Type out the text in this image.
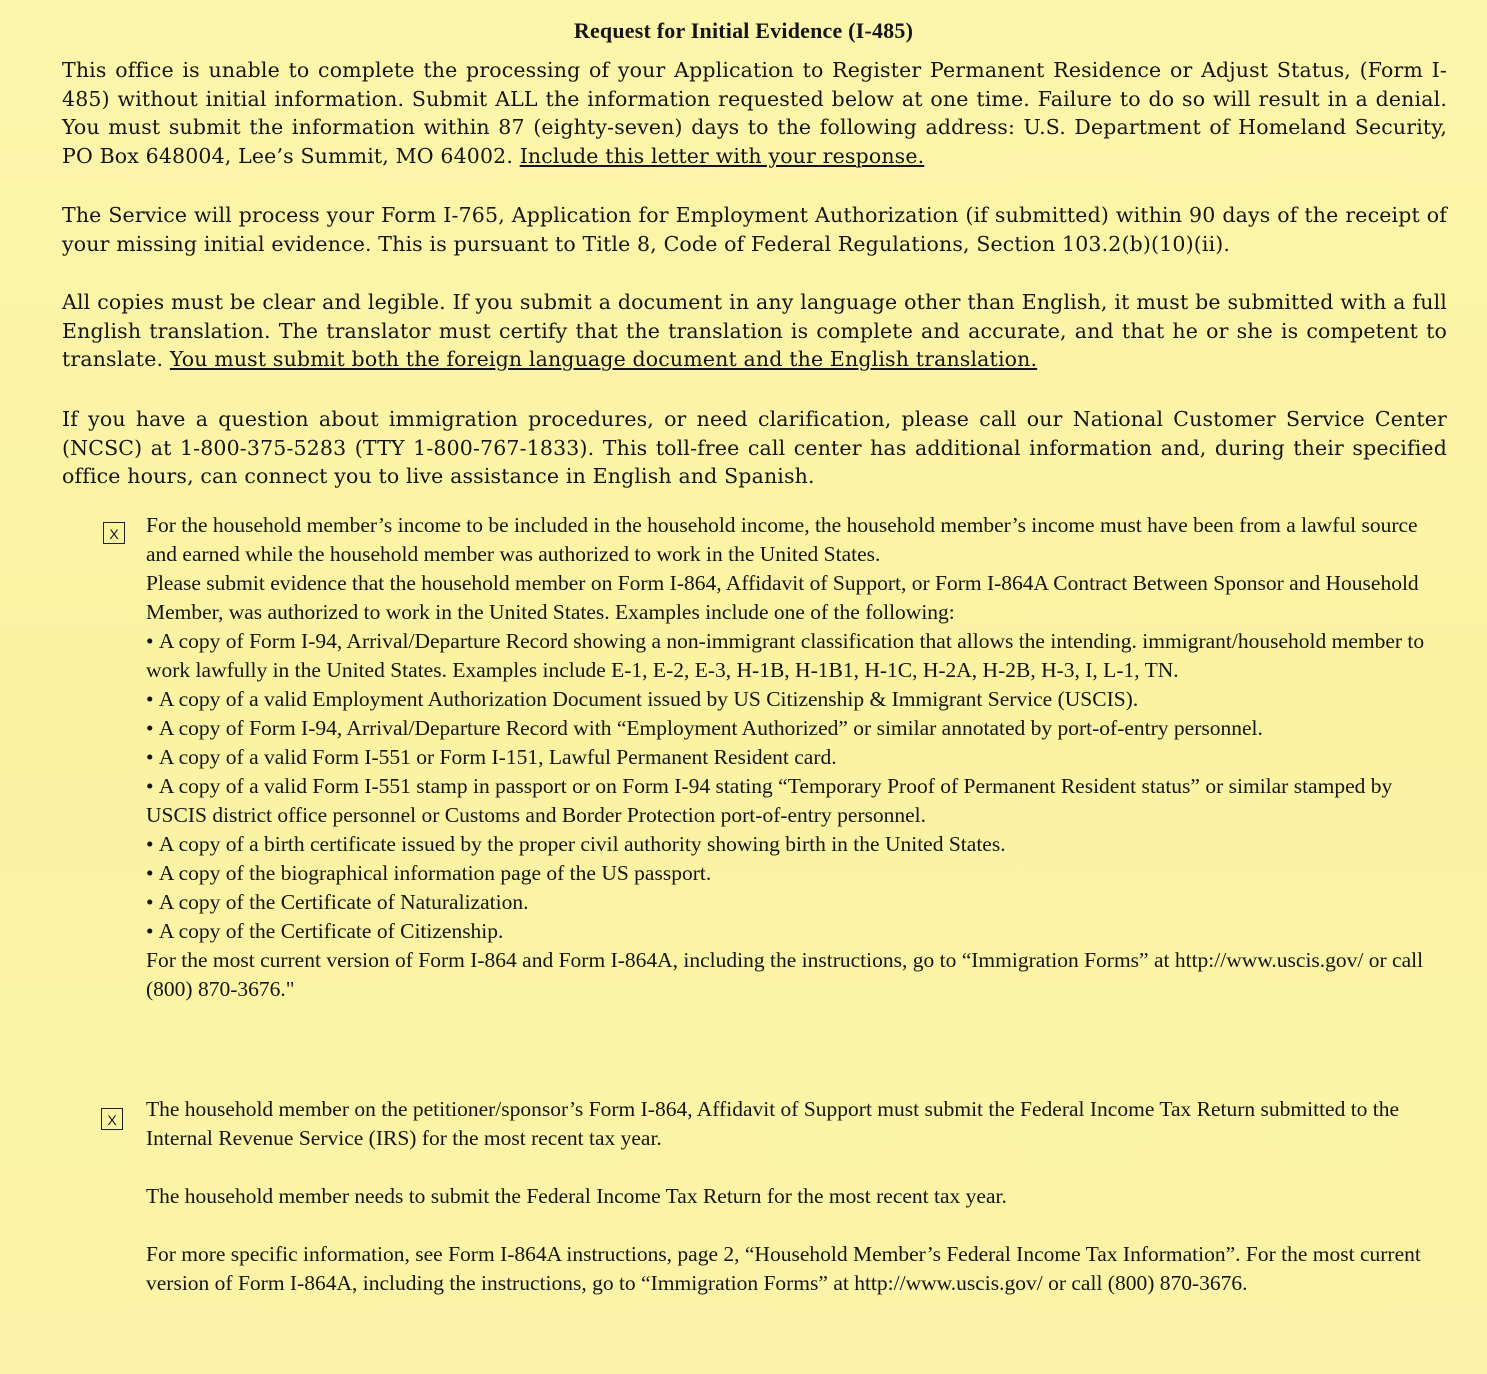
Request for Initial Evidence (I-485)
This office is unable to complete the processing of your Application to Register Permanent Residence or Adjust Status, (Form I-485) without initial information. Submit ALL the information requested below at one time. Failure to do so will result in a denial. You must submit the information within 87 (eighty-seven) days to the following address: U.S. Department of Homeland Security, PO Box 648004, Lee’s Summit, MO 64002. Include this letter with your response.
The Service will process your Form I-765, Application for Employment Authorization (if submitted) within 90 days of the receipt of your missing initial evidence. This is pursuant to Title 8, Code of Federal Regulations, Section 103.2(b)(10)(ii).
All copies must be clear and legible. If you submit a document in any language other than English, it must be submitted with a full English translation. The translator must certify that the translation is complete and accurate, and that he or she is competent to translate. You must submit both the foreign language document and the English translation.
If you have a question about immigration procedures, or need clarification, please call our National Customer Service Center (NCSC) at 1-800-375-5283 (TTY 1-800-767-1833). This toll-free call center has additional information and, during their specified office hours, can connect you to live assistance in English and Spanish.
X For the household member’s income to be included in the household income, the household member’s income must have been from a lawful source and earned while the household member was authorized to work in the United States.

Please submit evidence that the household member on Form I-864, Affidavit of Support, or Form I-864A Contract Between Sponsor and Household Member, was authorized to work in the United States. Examples include one of the following:

• A copy of Form I-94, Arrival/Departure Record showing a non-immigrant classification that allows the intending. immigrant/household member to work lawfully in the United States. Examples include E-1, E-2, E-3, H-1B, H-1B1, H-1C, H-2A, H-2B, H-3, I, L-1, TN.

• A copy of a valid Employment Authorization Document issued by US Citizenship & Immigrant Service (USCIS).

• A copy of Form I-94, Arrival/Departure Record with “Employment Authorized” or similar annotated by port-of-entry personnel.

• A copy of a valid Form I-551 or Form I-151, Lawful Permanent Resident card.

• A copy of a valid Form I-551 stamp in passport or on Form I-94 stating “Temporary Proof of Permanent Resident status” or similar stamped by USCIS district office personnel or Customs and Border Protection port-of-entry personnel.

• A copy of a birth certificate issued by the proper civil authority showing birth in the United States.

• A copy of the biographical information page of the US passport.

• A copy of the Certificate of Naturalization.

• A copy of the Certificate of Citizenship.

For the most current version of Form I-864 and Form I-864A, including the instructions, go to “Immigration Forms” at http://www.uscis.gov/ or call (800) 870-3676."

X The household member on the petitioner/sponsor’s Form I-864, Affidavit of Support must submit the Federal Income Tax Return submitted to the Internal Revenue Service (IRS) for the most recent tax year.

The household member needs to submit the Federal Income Tax Return for the most recent tax year.

For more specific information, see Form I-864A instructions, page 2, “Household Member’s Federal Income Tax Information”. For the most current version of Form I-864A, including the instructions, go to “Immigration Forms” at http://www.uscis.gov/ or call (800) 870-3676.
